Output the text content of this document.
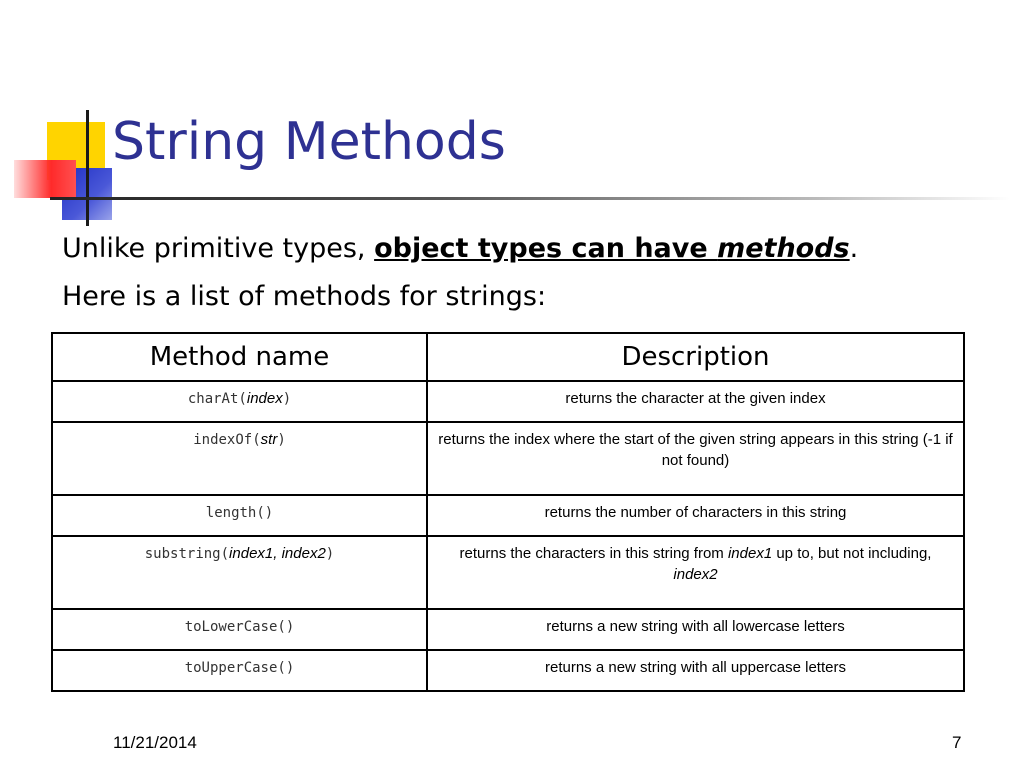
String Methods

Unlike primitive types, object types can have methods.

Here is a list of methods for strings:

Method name	Description
charAt(index)	returns the character at the given index
indexOf(str)	returns the index where the start of the given string appears in this string (-1 if not found)
length()	returns the number of characters in this string
substring(index1, index2)	returns the characters in this string from index1 up to, but not including, index2
toLowerCase()	returns a new string with all lowercase letters
toUpperCase()	returns a new string with all uppercase letters
11/21/2014	7
